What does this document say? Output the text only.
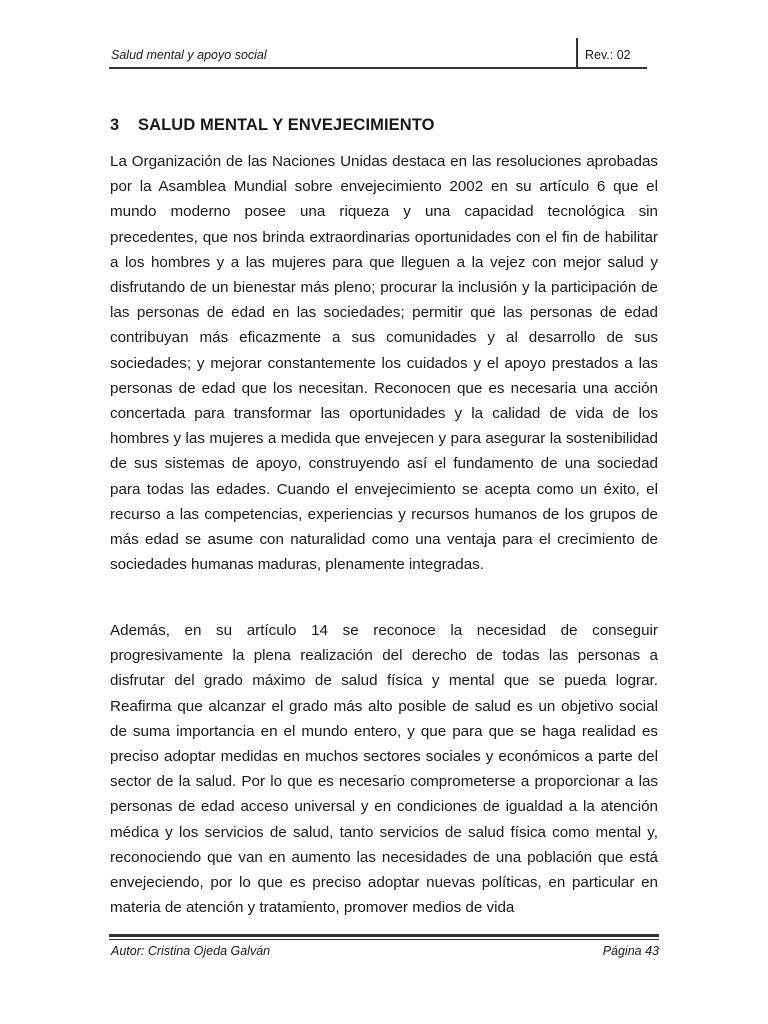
Salud mental y apoyo social	Rev.: 02
3 SALUD MENTAL Y ENVEJECIMIENTO

La Organización de las Naciones Unidas destaca en las resoluciones aprobadas por la Asamblea Mundial sobre envejecimiento 2002 en su artículo 6 que el mundo moderno posee una riqueza y una capacidad tecnológica sin precedentes, que nos brinda extraordinarias oportunidades con el fin de habilitar a los hombres y a las mujeres para que lleguen a la vejez con mejor salud y disfrutando de un bienestar más pleno; procurar la inclusión y la participación de las personas de edad en las sociedades; permitir que las personas de edad contribuyan más eficazmente a sus comunidades y al desarrollo de sus sociedades; y mejorar constantemente los cuidados y el apoyo prestados a las personas de edad que los necesitan. Reconocen que es necesaria una acción concertada para transformar las oportunidades y la calidad de vida de los hombres y las mujeres a medida que envejecen y para asegurar la sostenibilidad de sus sistemas de apoyo, construyendo así el fundamento de una sociedad para todas las edades. Cuando el envejecimiento se acepta como un éxito, el recurso a las competencias, experiencias y recursos humanos de los grupos de más edad se asume con naturalidad como una ventaja para el crecimiento de sociedades humanas maduras, plenamente integradas.

Además, en su artículo 14 se reconoce la necesidad de conseguir progresivamente la plena realización del derecho de todas las personas a disfrutar del grado máximo de salud física y mental que se pueda lograr. Reafirma que alcanzar el grado más alto posible de salud es un objetivo social de suma importancia en el mundo entero, y que para que se haga realidad es preciso adoptar medidas en muchos sectores sociales y económicos a parte del sector de la salud. Por lo que es necesario comprometerse a proporcionar a las personas de edad acceso universal y en condiciones de igualdad a la atención médica y los servicios de salud, tanto servicios de salud física como mental y, reconociendo que van en aumento las necesidades de una población que está envejeciendo, por lo que es preciso adoptar nuevas políticas, en particular en materia de atención y tratamiento, promover medios de vida

Autor: Cristina Ojeda Galván	Página 43
